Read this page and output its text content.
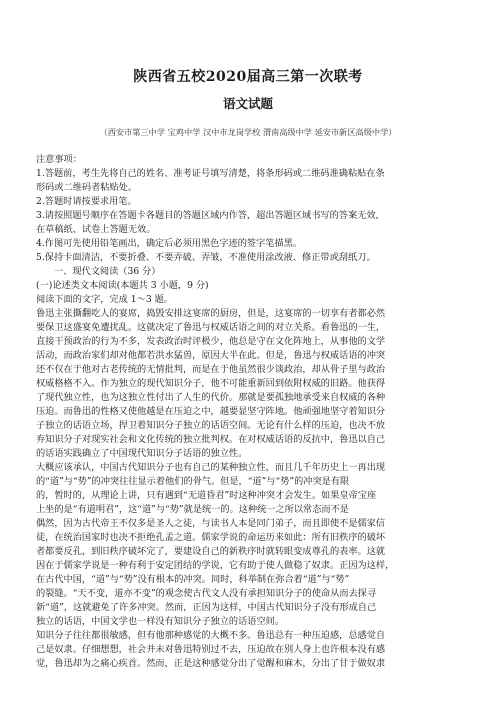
陕西省五校2020届高三第一次联考
语文试题
（西安市第三中学 宝鸡中学 汉中市龙岗学校 渭南高级中学 延安市新区高级中学）
注意事项：
1.答题前，考生先将自己的姓名、准考证号填写清楚，将条形码或二维码准确粘贴在条
形码或二维码者粘贴处。
2.答题时请按要求用笔。
3.请按照题号顺序在答题卡各题目的答题区域内作答，超出答题区域书写的答案无效，
在草稿纸、试卷上答题无效。
4.作图可先使用铅笔画出，确定后必须用黑色字迹的签字笔描黑。
5.保持卡面清洁，不要折叠、不要弄破、弄皱，不准使用涂改液、修正带或刮纸刀。
一、现代文阅读（36 分）
(一)论述类文本阅读(本题共 3 小题，9 分)
阅读下面的文字，完成 1～3 题。
鲁迅主张撕翻吃人的宴席，捣毁安排这宴席的厨房，但是，这宴席的一切享有者都必然
要保卫这盛宴免遭扰乱。这就决定了鲁迅与权威话语之间的对立关系。看鲁迅的一生，
直接干预政治的行为不多，发表政治时评极少，他总是守在文化阵地上，从事他的文学
活动，而政治家们却对他都若洪水猛兽，原因大半在此。但是，鲁迅与权威话语的冲突
还不仅在于他对古老传统的无情批判，而是在于他虽然很少谈政治，却从骨子里与政治
权威格格不入。作为独立的现代知识分子，他不可能重新回到依附权威的旧路。他获得
了现代独立性，也为这独立性付出了人生的代价。那就是要孤独地承受来自权威的各种
压迫。而鲁迅的性格又使他越是在压迫之中，越要显坚守阵地。他顽强地坚守着知识分
子独立的话语立场，捍卫着知识分子独立的话语空间。无论有什么样的压迫，也决不放
弃知识分子对现实社会和文化传统的独立批判权。在对权威话语的反抗中，鲁迅以自己
的话语实践确立了中国现代知识分子话语的独立性。
大概应该承认，中国古代知识分子也有自己的某种独立性，而且几千年历史上一再出现
的“道”与“势”的冲突往往显示着他们的骨气。但是，“道”与“势”的冲突是有限
的，暂时的，从理论上讲，只有遇到“无道昏君”时这种冲突才会发生。如果皇帝宝座
上坐的是“有道明君”，这“道”与“势”就是统一的。这种统一之所以常态而不是
偶然，因为古代帝王不仅多是圣人之徒，与读书人本是同门弟子，而且即使不是儒家信
徒，在统治国家时也决不拒绝孔孟之道。儒家学说的命运历来如此：所有旧秩序的破坏
者都要反孔，到旧秩序破坏完了，要建设自己的新秩序时就转眼变成尊孔的表率。这就
因在于儒家学说是一种有利于安定团结的学说，它有助于使人做稳了奴隶。正因为这样，
在古代中国，“道”与“势”没有根本的冲突。同时，科举制在弥合着“道”与“势”
的裂缝。“天不变，道亦不变”的观念使古代文人没有承担知识分子的使命从而去探寻
新“道”，这就避免了许多冲突。然而，正因为这样，中国古代知识分子没有形成自己
独立的话语，中国文学也一样没有知识分子独立的话语空间。
知识分子往往都很敏感，但有他那种感觉的大概不多。鲁迅总有一种压迫感，总感觉自
己是奴隶。仔细想想，社会并未对鲁迅特别过不去，压迫故在别人身上也许根本没有感
觉，鲁迅却为之痛心疾首。然而，正是这种感觉分出了觉醒和麻木，分出了甘于做奴隶
